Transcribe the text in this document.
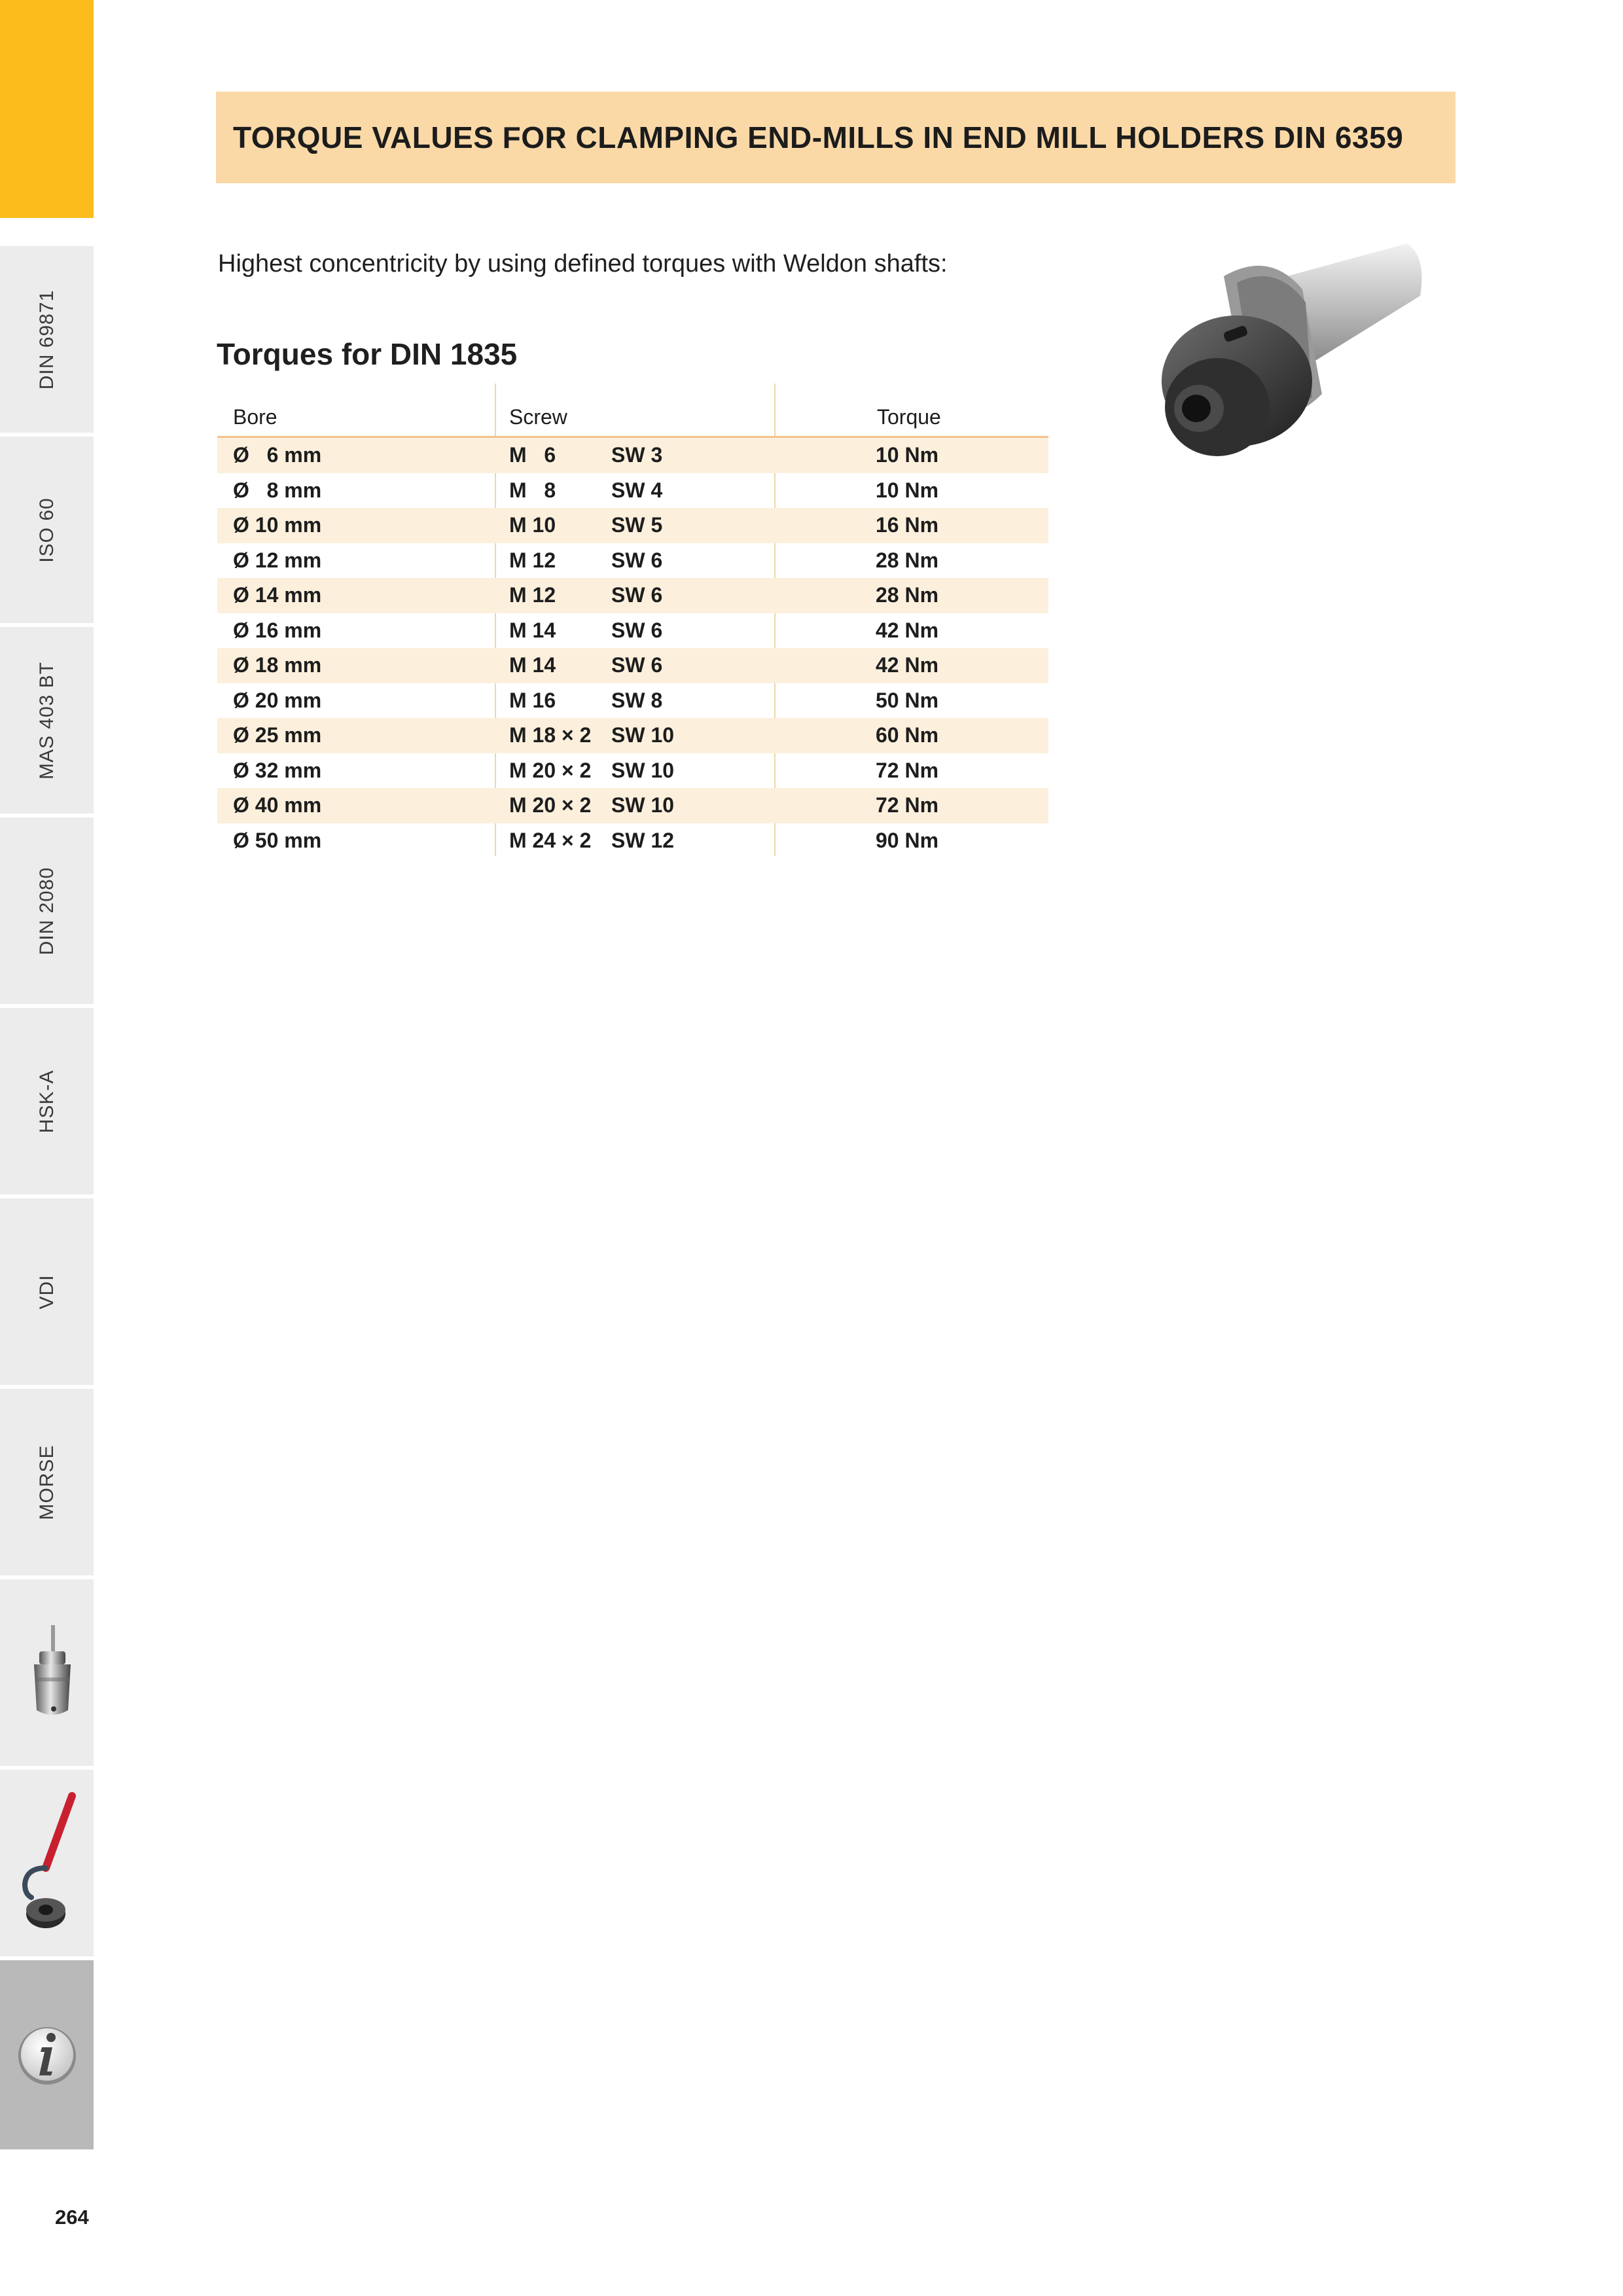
DIN 69871
ISO 60
MAS 403 BT
DIN 2080
HSK-A
VDI
MORSE
TORQUE VALUES FOR CLAMPING END-MILLS IN END MILL HOLDERS DIN 6359
Highest concentricity by using defined torques with Weldon shafts:
Torques for DIN 1835
Bore	Screw	Torque
Ø   6 mm	M   6	SW 3	10 Nm
Ø   8 mm	M   8	SW 4	10 Nm
Ø 10 mm	M 10	SW 5	16 Nm
Ø 12 mm	M 12	SW 6	28 Nm
Ø 14 mm	M 12	SW 6	28 Nm
Ø 16 mm	M 14	SW 6	42 Nm
Ø 18 mm	M 14	SW 6	42 Nm
Ø 20 mm	M 16	SW 8	50 Nm
Ø 25 mm	M 18 × 2 SW 10	60 Nm
Ø 32 mm	M 20 × 2 SW 10	72 Nm
Ø 40 mm	M 20 × 2 SW 10	72 Nm
Ø 50 mm	M 24 × 2 SW 12	90 Nm
264
